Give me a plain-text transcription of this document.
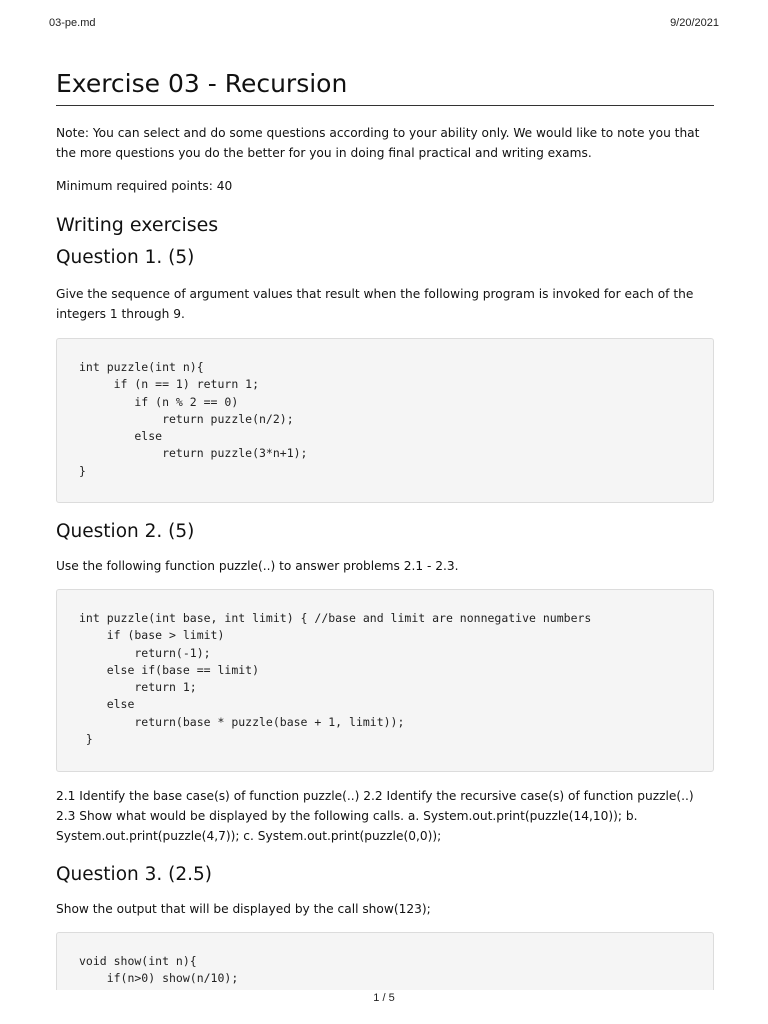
03-pe.md	9/20/2021
Exercise 03 - Recursion

Note: You can select and do some questions according to your ability only. We would like to note you that the more questions you do the better for you in doing final practical and writing exams.

Minimum required points: 40

Writing exercises
Question 1. (5)

Give the sequence of argument values that result when the following program is invoked for each of the integers 1 through 9.

int puzzle(int n){
if (n == 1) return 1;
if (n % 2 == 0)
return puzzle(n/2);
else
return puzzle(3*n+1);
}
Question 2. (5)

Use the following function puzzle(..) to answer problems 2.1 - 2.3.

int puzzle(int base, int limit) { //base and limit are nonnegative numbers
if (base > limit)
return(-1);
else if(base == limit)
return 1;
else
return(base * puzzle(base + 1, limit));
}

2.1 Identify the base case(s) of function puzzle(..) 2.2 Identify the recursive case(s) of function puzzle(..) 2.3 Show what would be displayed by the following calls. a. System.out.print(puzzle(14,10)); b. System.out.print(puzzle(4,7)); c. System.out.print(puzzle(0,0));

Question 3. (2.5)

Show the output that will be displayed by the call show(123);

void show(int n){
if(n>0) show(n/10);
1 / 5
